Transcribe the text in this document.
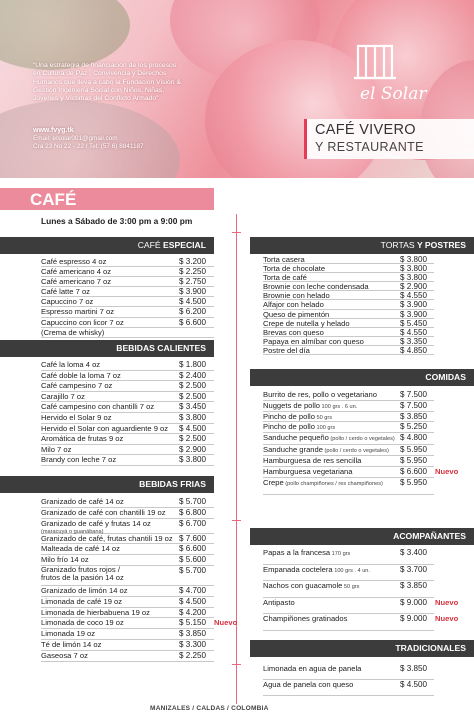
“Una estrategia de financiación de los procesos en Cultura de Paz , Convivencia y Derechos Humanos que lleva a cabo la Fundación Visión & Gestión Ingeniería Social con Niños, Niñas, Jóvenes y Víctimas del Conflicto Armado”
www.fvyg.tk
Email: elsolar001@gmail.com
Cra 23 No 22 - 22 / Tel: (57 6) 8841187
el Solar
CAFÉ VIVERO
Y RESTAURANTE
CAFÉ
Lunes a Sábado de 3:00 pm a 9:00 pm
CAFÉ ESPECIAL
Café espresso 4 oz	$ 3.200
Café americano 4 oz	$ 2.250
Café americano 7 oz	$ 2.750
Café latte 7 oz	$ 3.900
Capuccino 7 oz	$ 4.500
Espresso martini 7 oz	$ 6.200
Capuccino con licor 7 oz	$ 6.600
(Crema de whisky)
BEBIDAS CALIENTES
Café la loma 4 oz	$ 1.800
Café doble la loma 7 oz	$ 2.400
Café campesino 7 oz	$ 2.500
Carajillo 7 oz	$ 2.500
Café campesino con chantilli 7 oz	$ 3.450
Hervido el Solar 9 oz	$ 3.800
Hervido el Solar con aguardiente 9 oz $ 4.500
Aromática de frutas 9 oz	$ 2.500
Milo 7 oz	$ 2.900
Brandy con leche 7 oz	$ 3.800
BEBIDAS FRIAS
Granizado de café 14 oz	$ 5.700
Granizado de café con chantilli 19 oz $ 6.800
Granizado de café y frutas 14 oz
(maracuyá o guanábana)
$ 6.700
Granizado de café, frutas chantili 19 oz $ 7.600
Malteada de café 14 oz	$ 6.600
Milo frío 14 oz	$ 5.600
Granizado frutos rojos / frutos de la pasión 14 oz
$ 5.700
Granizado de limón 14 oz	$ 4.700
Limonada de café 19 oz	$ 4.500
Limonada de hierbabuena 19 oz	$ 4.200
Limonada de coco 19 oz	$ 5.150 Nuevo
Limonada 19 oz	$ 3.850
Té de limón 14 oz	$ 3.300
Gaseosa 7 oz	$ 2.250
TORTAS Y POSTRES
Torta casera	$ 3.800
Torta de chocolate	$ 3.800
Torta de café	$ 3.800
Brownie con leche condensada	$ 2.900
Brownie con helado	$ 4.550
Alfajor con helado	$ 3.900
Queso de pimentón	$ 3.900
Crepe de nutella y helado	$ 5.450
Brevas con queso	$ 4.550
Papaya en almíbar con queso	$ 3.350
Postre del día	$ 4.850
COMIDAS
Burrito de res, pollo o vegetariano	$ 7.500
Nuggets de pollo 100 grs . 6 un.	$ 7.500
Pincho de pollo 50 grs	$ 3.850
Pincho de pollo 100 grs	$ 5.250
Sanduche pequeño (pollo / cerdo o vegetales) $ 4.800
Sanduche grande (pollo / cerdo o vegetales) $ 5.950
Hamburguesa de res sencilla	$ 5.950
Hamburguesa vegetariana	$ 6.600 Nuevo
Crepe (pollo champiñones / res champiñones) $ 5.950
ACOMPAÑANTES
Papas a la francesa 170 grs	$ 3.400
Empanada coctelera 100 grs . 4 un.	$ 3.700
Nachos con guacamole 50 grs	$ 3.850
Antipasto	$ 9.000 Nuevo
Champiñones gratinados	$ 9.000 Nuevo
TRADICIONALES
Limonada en agua de panela	$ 3.850
Agua de panela con queso	$ 4.500
MANIZALES / CALDAS / COLOMBIA
